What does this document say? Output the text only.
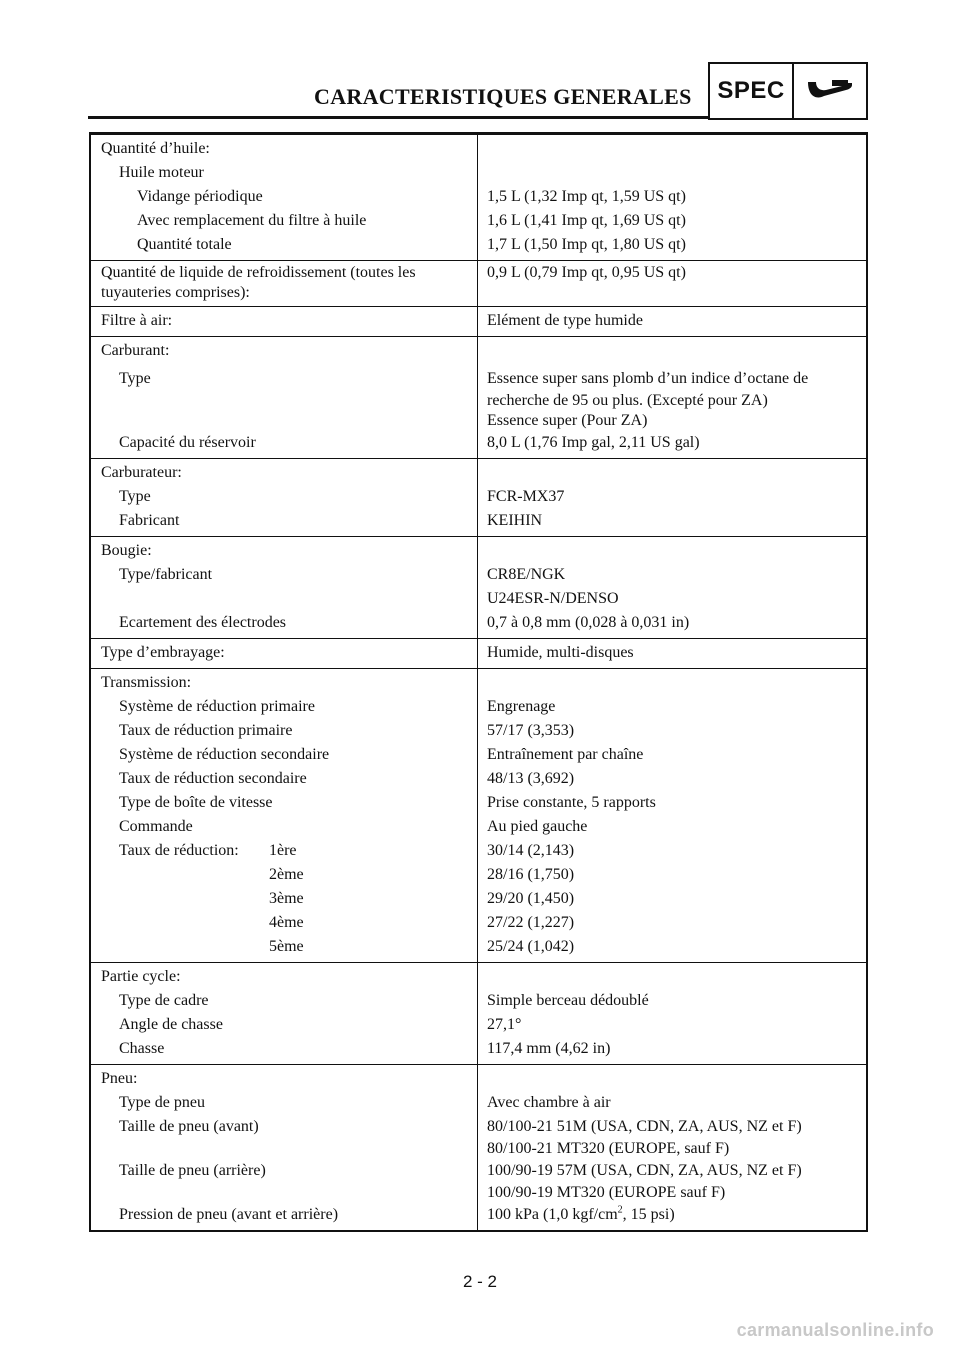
CARACTERISTIQUES GENERALES	SPEC
Quantité d’huile:
Huile moteur
Vidange périodique	1,5 L (1,32 Imp qt, 1,59 US qt)
Avec remplacement du filtre à huile	1,6 L (1,41 Imp qt, 1,69 US qt)
Quantité totale	1,7 L (1,50 Imp qt, 1,80 US qt)
Quantité de liquide de refroidissement (toutes les	0,9 L (0,79 Imp qt, 0,95 US qt)
tuyauteries comprises):
Filtre à air:	Elément de type humide
Carburant:
Type	Essence super sans plomb d’un indice d’octane de
recherche de 95 ou plus. (Excepté pour ZA)
Essence super (Pour ZA)
Capacité du réservoir	8,0 L (1,76 Imp gal, 2,11 US gal)
Carburateur:
Type	FCR-MX37
Fabricant	KEIHIN
Bougie:
Type/fabricant	CR8E/NGK
U24ESR-N/DENSO
Ecartement des électrodes	0,7 à 0,8 mm (0,028 à 0,031 in)
Type d’embrayage:	Humide, multi-disques
Transmission:
Système de réduction primaire	Engrenage
Taux de réduction primaire	57/17 (3,353)
Système de réduction secondaire	Entraînement par chaîne
Taux de réduction secondaire	48/13 (3,692)
Type de boîte de vitesse	Prise constante, 5 rapports
Commande	Au pied gauche
Taux de réduction: 1ère	30/14 (2,143)
2ème	28/16 (1,750)
3ème	29/20 (1,450)
4ème	27/22 (1,227)
5ème	25/24 (1,042)
Partie cycle:
Type de cadre	Simple berceau dédoublé
Angle de chasse	27,1°
Chasse	117,4 mm (4,62 in)
Pneu:
Type de pneu	Avec chambre à air
Taille de pneu (avant)	80/100-21 51M (USA, CDN, ZA, AUS, NZ et F)
80/100-21 MT320 (EUROPE, sauf F)
Taille de pneu (arrière)	100/90-19 57M (USA, CDN, ZA, AUS, NZ et F)
100/90-19 MT320 (EUROPE sauf F)
Pression de pneu (avant et arrière)	100 kPa (1,0 kgf/$cm^2$, 15 psi)
2 - 2
carmanualsonline.info
